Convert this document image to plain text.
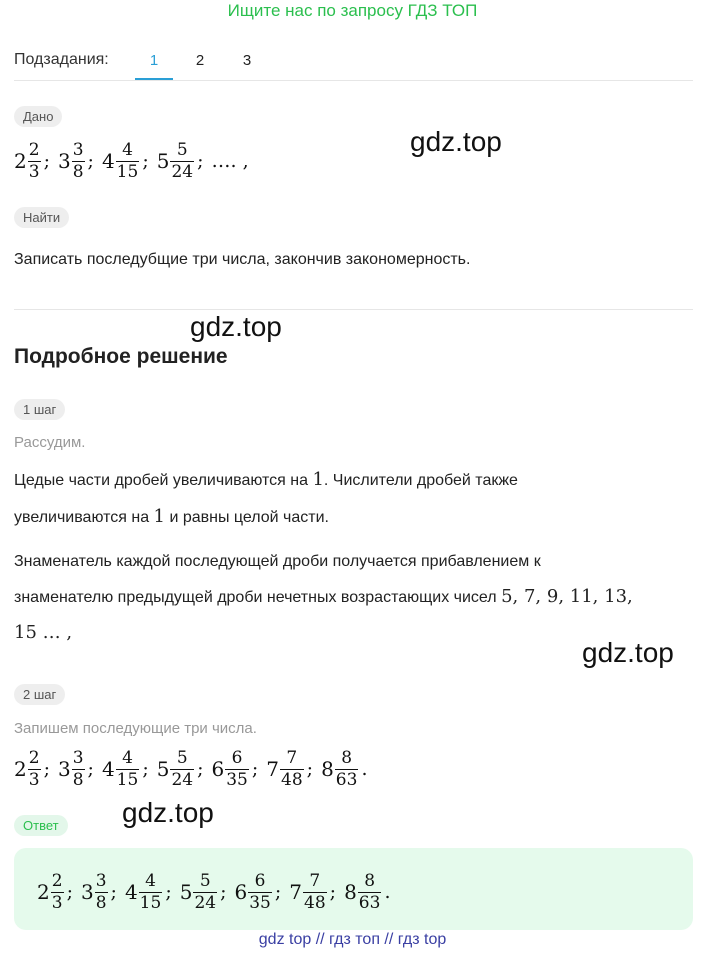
Ищите нас по запросу ГДЗ ТОП
Подзадания:	1	2	3
Дано
$2 \frac{2}{3}$ ; $3 \frac{3}{8}$ ; $4 \frac{4}{15}$ ; $5 \frac{5}{24}$ ; …. ,
gdz.top
Найти
Записать последубщие три числа, закончив закономерность.
gdz.top
Подробное решение
1 шаг
Рассудим.
Цедые части дробей увеличиваются на 1. Числители дробей также
увеличиваются на 1 и равны целой части.
Знаменатель каждой последующей дроби получается прибавлением к
знаменателю предыдущей дроби нечетных возрастающих чисел 5, 7, 9, 11, 13,
15 … ,
gdz.top
2 шаг
Запишем последующие три числа.
$2 \frac{2}{3}$ ; $3 \frac{3}{8}$ ; $4 \frac{4}{15}$ ; $5 \frac{5}{24}$ ; $6 \frac{6}{35}$ ; $7 \frac{7}{48}$ ; $8 \frac{8}{63}$ .
gdz.top
Ответ
$2 \frac{2}{3}$ ; $3 \frac{3}{8}$ ; $4 \frac{4}{15}$ ; $5 \frac{5}{24}$ ; $6 \frac{6}{35}$ ; $7 \frac{7}{48}$ ; $8 \frac{8}{63}$ .
gdz top // гдз топ // гдз top
